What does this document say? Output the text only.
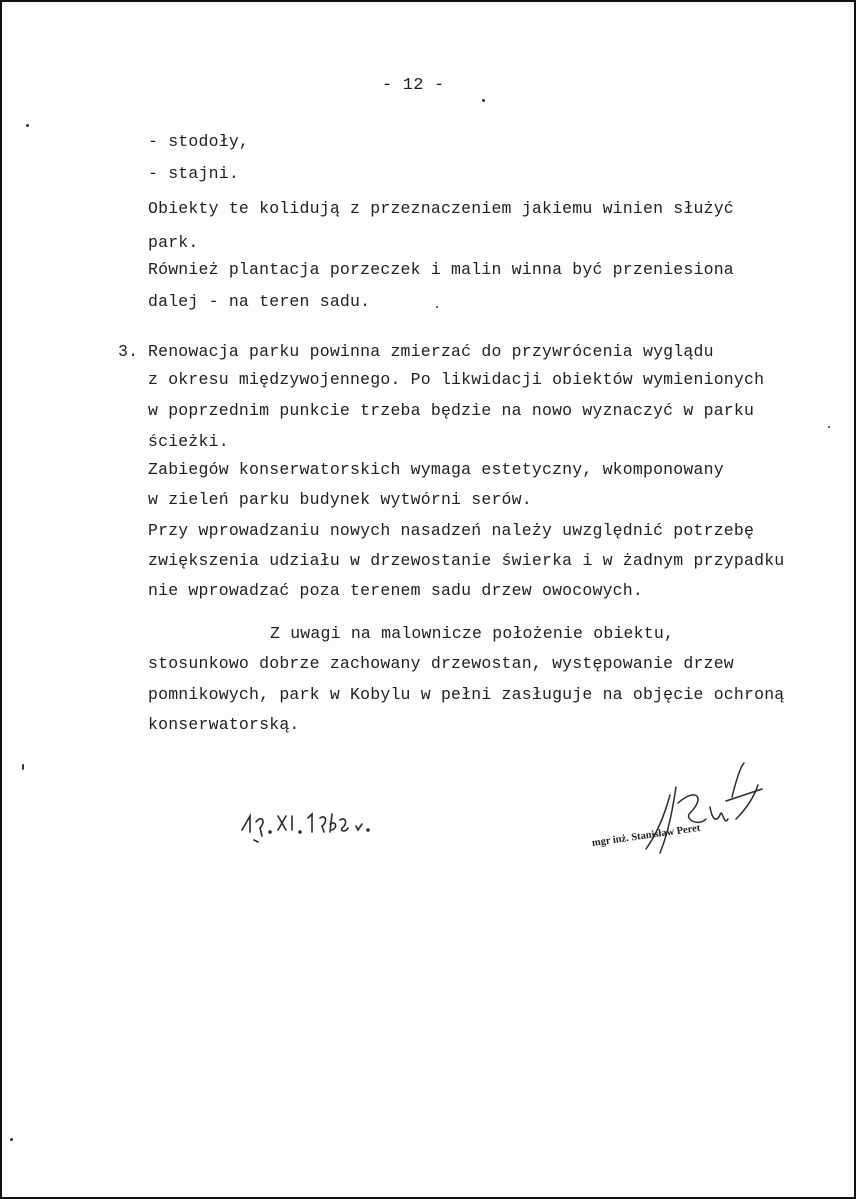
- 12 -
3.
- stodoły,
- stajni.
Obiekty te kolidują z przeznaczeniem jakiemu winien służyć
park.
Również plantacja porzeczek i malin winna być przeniesiona
dalej - na teren sadu.
Renowacja parku powinna zmierzać do przywrócenia wyglądu
z okresu międzywojennego. Po likwidacji obiektów wymienionych
w poprzednim punkcie trzeba będzie na nowo wyznaczyć w parku
ścieżki.
Zabiegów konserwatorskich wymaga estetyczny, wkomponowany
w zieleń parku budynek wytwórni serów.
Przy wprowadzaniu nowych nasadzeń należy uwzględnić potrzebę
zwiększenia udziału w drzewostanie świerka i w żadnym przypadku
nie wprowadzać poza terenem sadu drzew owocowych.
Z uwagi na malownicze położenie obiektu,
stosunkowo dobrze zachowany drzewostan, występowanie drzew
pomnikowych, park w Kobylu w pełni zasługuje na objęcie ochroną
konserwatorską.
mgr inż. Stanisław Peret
